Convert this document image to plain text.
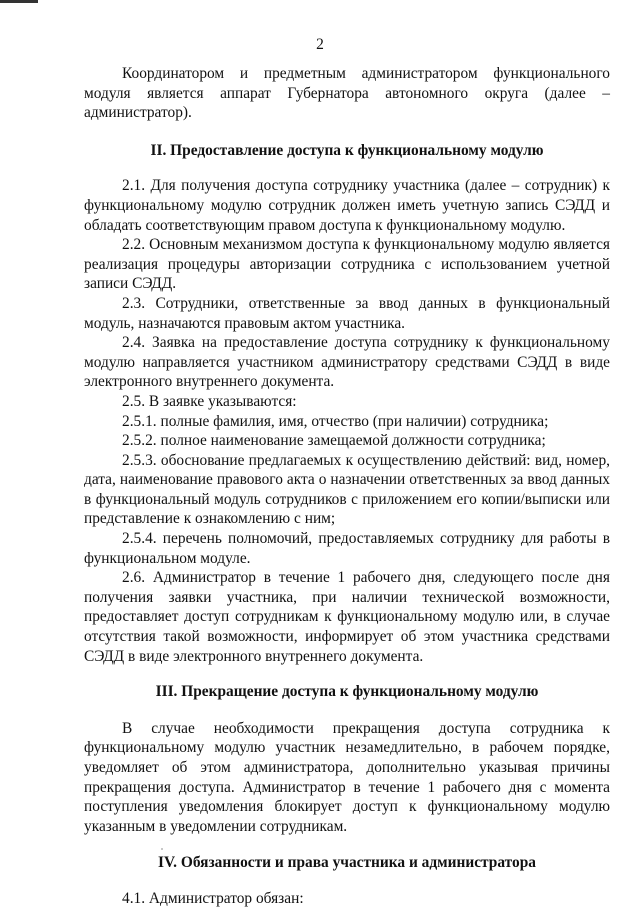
2

Координатором и предметным администратором функционального модуля является аппарат Губернатора автономного округа (далее – администратор).

II. Предоставление доступа к функциональному модулю

2.1. Для получения доступа сотруднику участника (далее – сотрудник) к функциональному модулю сотрудник должен иметь учетную запись СЭДД и обладать соответствующим правом доступа к функциональному модулю.

2.2. Основным механизмом доступа к функциональному модулю является реализация процедуры авторизации сотрудника с использованием учетной записи СЭДД.

2.3. Сотрудники, ответственные за ввод данных в функциональный модуль, назначаются правовым актом участника.

2.4. Заявка на предоставление доступа сотруднику к функциональному модулю направляется участником администратору средствами СЭДД в виде электронного внутреннего документа.

2.5. В заявке указываются:

2.5.1. полные фамилия, имя, отчество (при наличии) сотрудника;

2.5.2. полное наименование замещаемой должности сотрудника;

2.5.3. обоснование предлагаемых к осуществлению действий: вид, номер, дата, наименование правового акта о назначении ответственных за ввод данных в функциональный модуль сотрудников с приложением его копии/выписки или представление к ознакомлению с ним;

2.5.4. перечень полномочий, предоставляемых сотруднику для работы в функциональном модуле.

2.6. Администратор в течение 1 рабочего дня, следующего после дня получения заявки участника, при наличии технической возможности, предоставляет доступ сотрудникам к функциональному модулю или, в случае отсутствия такой возможности, информирует об этом участника средствами СЭДД в виде электронного внутреннего документа.

III. Прекращение доступа к функциональному модулю

В случае необходимости прекращения доступа сотрудника к функциональному модулю участник незамедлительно, в рабочем порядке, уведомляет об этом администратора, дополнительно указывая причины прекращения доступа. Администратор в течение 1 рабочего дня с момента поступления уведомления блокирует доступ к функциональному модулю указанным в уведомлении сотрудникам.

IV. Обязанности и права участника и администратора

4.1. Администратор обязан:
